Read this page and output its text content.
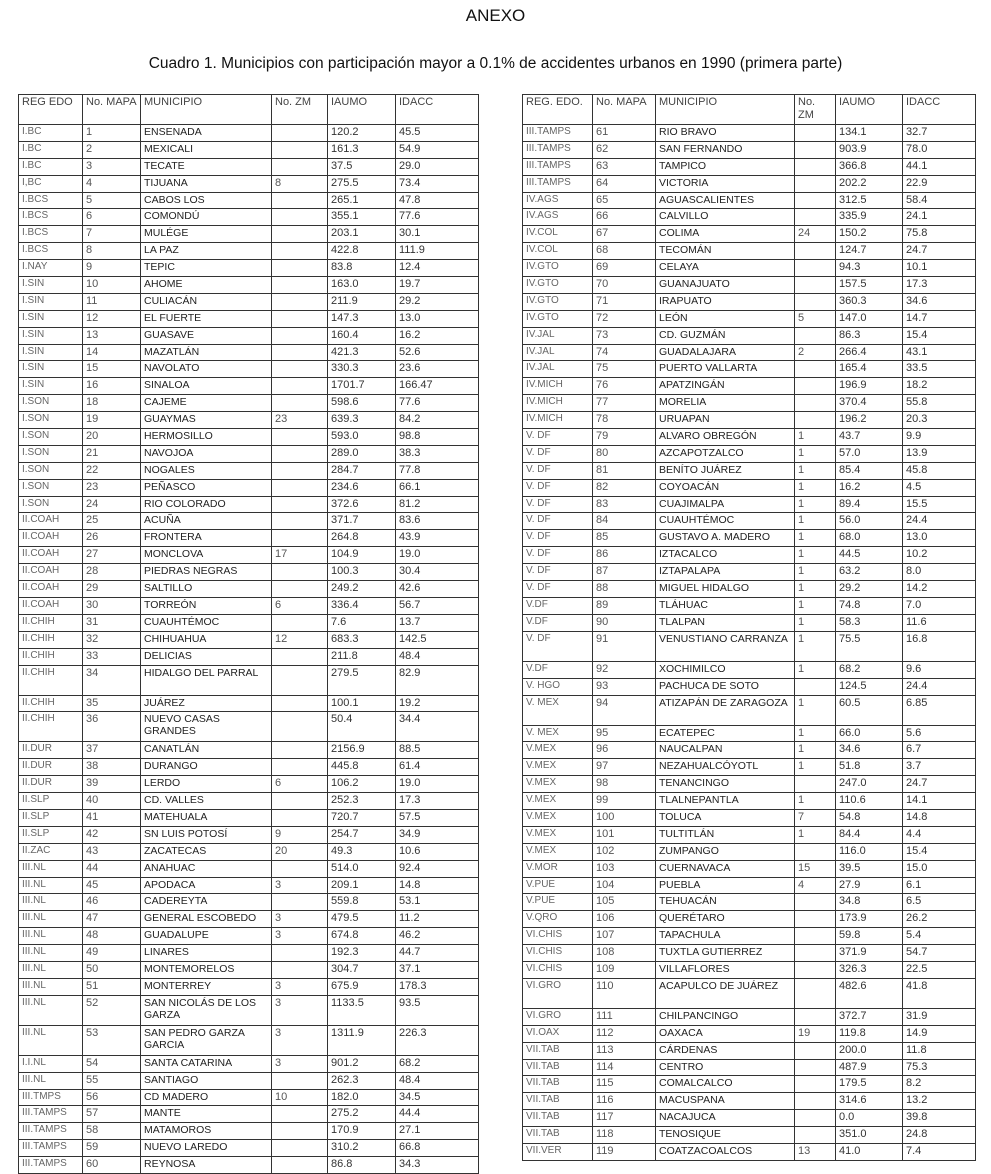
ANEXO
Cuadro 1. Municipios con participación mayor a 0.1% de accidentes urbanos en 1990 (primera parte)
REG EDO	No. MAPA	MUNICIPIO	No. ZM	IAUMO	IDACC
I.BC	1	ENSENADA		120.2	45.5
I.BC	2	MEXICALI		161.3	54.9
I.BC	3	TECATE		37.5	29.0
I,BC	4	TIJUANA	8	275.5	73.4
I.BCS	5	CABOS LOS		265.1	47.8
I.BCS	6	COMONDÚ		355.1	77.6
I.BCS	7	MULÉGE		203.1	30.1
I.BCS	8	LA PAZ		422.8	111.9
I.NAY	9	TEPIC		83.8	12.4
I.SIN	10	AHOME		163.0	19.7
I.SIN	11	CULIACÁN		211.9	29.2
I.SIN	12	EL FUERTE		147.3	13.0
I.SIN	13	GUASAVE		160.4	16.2
I.SIN	14	MAZATLÁN		421.3	52.6
I.SIN	15	NAVOLATO		330.3	23.6
I.SIN	16	SINALOA		1701.7	166.47
I.SON	18	CAJEME		598.6	77.6
I.SON	19	GUAYMAS	23	639.3	84.2
I.SON	20	HERMOSILLO		593.0	98.8
I.SON	21	NAVOJOA		289.0	38.3
I.SON	22	NOGALES		284.7	77.8
I.SON	23	PEÑASCO		234.6	66.1
I.SON	24	RIO COLORADO		372.6	81.2
II.COAH	25	ACUÑA		371.7	83.6
II.COAH	26	FRONTERA		264.8	43.9
II.COAH	27	MONCLOVA	17	104.9	19.0
II.COAH	28	PIEDRAS NEGRAS		100.3	30.4
II.COAH	29	SALTILLO		249.2	42.6
II.COAH	30	TORREÓN	6	336.4	56.7
II.CHIH	31	CUAUHTÉMOC		7.6	13.7
II.CHIH	32	CHIHUAHUA	12	683.3	142.5
II.CHIH	33	DELICIAS		211.8	48.4
II.CHIH	34	HIDALGO DEL PARRAL		279.5	82.9
II.CHIH	35	JUÁREZ		100.1	19.2
II.CHIH	36	NUEVO CASAS GRANDES		50.4	34.4
II.DUR	37	CANATLÁN		2156.9	88.5
II.DUR	38	DURANGO		445.8	61.4
II.DUR	39	LERDO	6	106.2	19.0
II.SLP	40	CD. VALLES		252.3	17.3
II.SLP	41	MATEHUALA		720.7	57.5
II.SLP	42	SN LUIS POTOSÍ	9	254.7	34.9
II.ZAC	43	ZACATECAS	20	49.3	10.6
III.NL	44	ANAHUAC		514.0	92.4
III.NL	45	APODACA	3	209.1	14.8
III.NL	46	CADEREYTA		559.8	53.1
III.NL	47	GENERAL ESCOBEDO	3	479.5	11.2
III.NL	48	GUADALUPE	3	674.8	46.2
III.NL	49	LINARES		192.3	44.7
III.NL	50	MONTEMORELOS		304.7	37.1
III.NL	51	MONTERREY	3	675.9	178.3
III.NL	52	SAN NICOLÁS DE LOS GARZA	3	1133.5	93.5
III.NL	53	SAN PEDRO GARZA GARCIA	3	1311.9	226.3
I.I.NL	54	SANTA CATARINA	3	901.2	68.2
III.NL	55	SANTIAGO		262.3	48.4
III.TMPS	56	CD MADERO	10	182.0	34.5
III.TAMPS	57	MANTE		275.2	44.4
III.TAMPS	58	MATAMOROS		170.9	27.1
III.TAMPS	59	NUEVO LAREDO		310.2	66.8
III.TAMPS	60	REYNOSA		86.8	34.3
REG. EDO.	No. MAPA	MUNICIPIO	No. ZM	IAUMO	IDACC
III.TAMPS	61	RIO BRAVO		134.1	32.7
III.TAMPS	62	SAN FERNANDO		903.9	78.0
III.TAMPS	63	TAMPICO		366.8	44.1
III.TAMPS	64	VICTORIA		202.2	22.9
IV.AGS	65	AGUASCALIENTES		312.5	58.4
IV.AGS	66	CALVILLO		335.9	24.1
IV.COL	67	COLIMA	24	150.2	75.8
IV.COL	68	TECOMÁN		124.7	24.7
IV.GTO	69	CELAYA		94.3	10.1
IV.GTO	70	GUANAJUATO		157.5	17.3
IV.GTO	71	IRAPUATO		360.3	34.6
IV.GTO	72	LEÓN	5	147.0	14.7
IV.JAL	73	CD. GUZMÁN		86.3	15.4
IV.JAL	74	GUADALAJARA	2	266.4	43.1
IV.JAL	75	PUERTO VALLARTA		165.4	33.5
IV.MICH	76	APATZINGÁN		196.9	18.2
IV.MICH	77	MORELIA		370.4	55.8
IV.MICH	78	URUAPAN		196.2	20.3
V. DF	79	ALVARO OBREGÓN	1	43.7	9.9
V. DF	80	AZCAPOTZALCO	1	57.0	13.9
V. DF	81	BENÍTO JUÁREZ	1	85.4	45.8
V. DF	82	COYOACÁN	1	16.2	4.5
V. DF	83	CUAJIMALPA	1	89.4	15.5
V. DF	84	CUAUHTÉMOC	1	56.0	24.4
V. DF	85	GUSTAVO A. MADERO	1	68.0	13.0
V. DF	86	IZTACALCO	1	44.5	10.2
V. DF	87	IZTAPALAPA	1	63.2	8.0
V. DF	88	MIGUEL HIDALGO	1	29.2	14.2
V.DF	89	TLÁHUAC	1	74.8	7.0
V.DF	90	TLALPAN	1	58.3	11.6
V. DF	91	VENUSTIANO CARRANZA	1	75.5	16.8
V.DF	92	XOCHIMILCO	1	68.2	9.6
V. HGO	93	PACHUCA DE SOTO		124.5	24.4
V. MEX	94	ATIZAPÁN DE ZARAGOZA	1	60.5	6.85
V. MEX	95	ECATEPEC	1	66.0	5.6
V.MEX	96	NAUCALPAN	1	34.6	6.7
V.MEX	97	NEZAHUALCÓYOTL	1	51.8	3.7
V.MEX	98	TENANCINGO		247.0	24.7
V.MEX	99	TLALNEPANTLA	1	110.6	14.1
V.MEX	100	TOLUCA	7	54.8	14.8
V.MEX	101	TULTITLÁN	1	84.4	4.4
V.MEX	102	ZUMPANGO		116.0	15.4
V.MOR	103	CUERNAVACA	15	39.5	15.0
V.PUE	104	PUEBLA	4	27.9	6.1
V.PUE	105	TEHUACÁN		34.8	6.5
V.QRO	106	QUERÉTARO		173.9	26.2
VI.CHIS	107	TAPACHULA		59.8	5.4
VI.CHIS	108	TUXTLA GUTIERREZ		371.9	54.7
VI.CHIS	109	VILLAFLORES		326.3	22.5
VI.GRO	110	ACAPULCO DE JUÁREZ		482.6	41.8
VI.GRO	111	CHILPANCINGO		372.7	31.9
VI.OAX	112	OAXACA	19	119.8	14.9
VII.TAB	113	CÁRDENAS		200.0	11.8
VII.TAB	114	CENTRO		487.9	75.3
VII.TAB	115	COMALCALCO		179.5	8.2
VII.TAB	116	MACUSPANA		314.6	13.2
VII.TAB	117	NACAJUCA		0.0	39.8
VII.TAB	118	TENOSIQUE		351.0	24.8
VII.VER	119	COATZACOALCOS	13	41.0	7.4
